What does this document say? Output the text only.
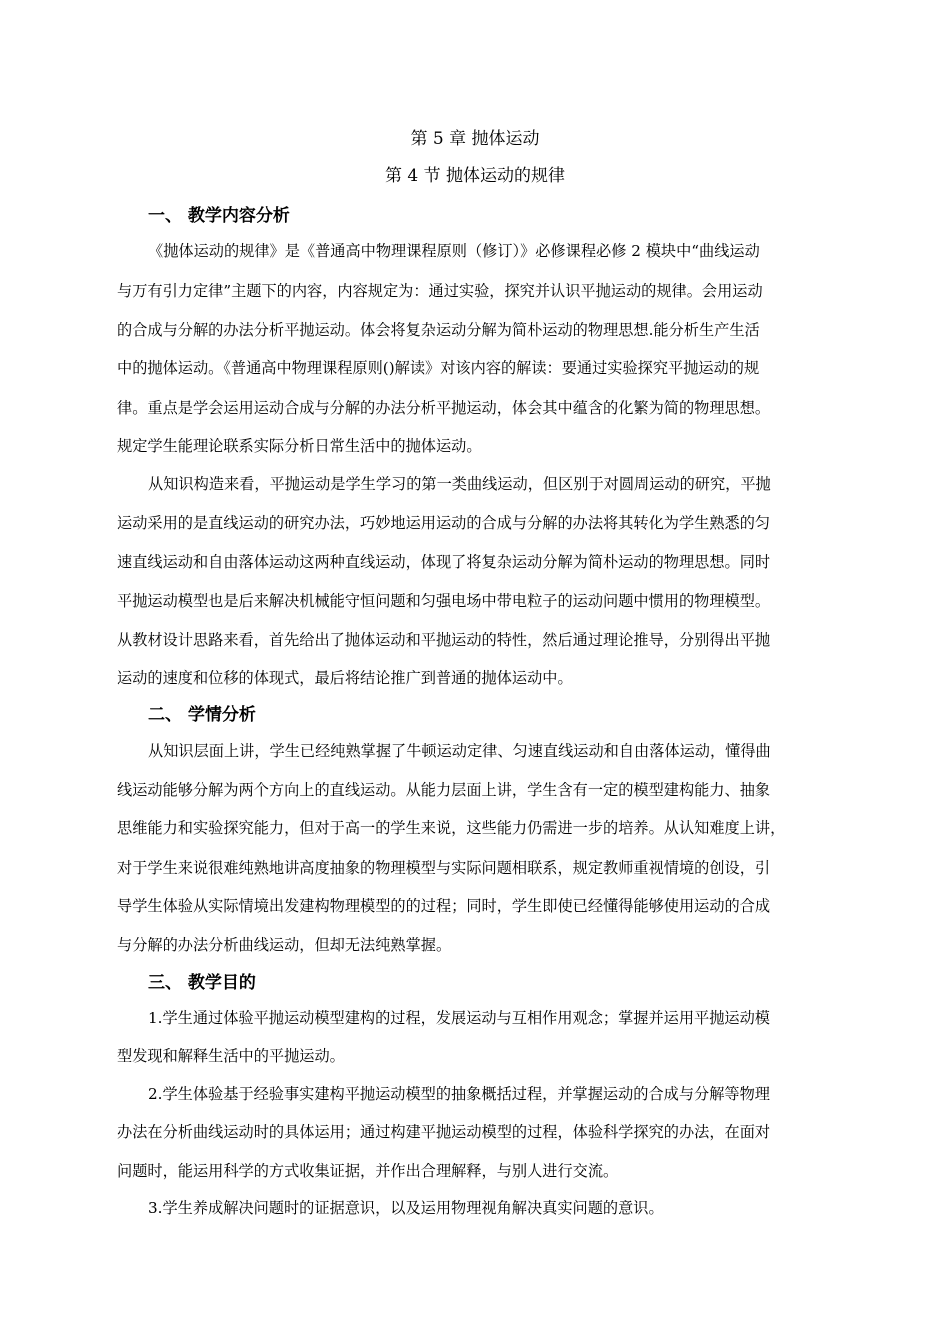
第 5 章 抛体运动
第 4 节 抛体运动的规律
一、 教学内容分析
《抛体运动的规律》是《普通高中物理课程原则（修订）》必修课程必修 2 模块中“曲线运动
与万有引力定律”主题下的内容，内容规定为：通过实验，探究并认识平抛运动的规律。会用运动
的合成与分解的办法分析平抛运动。体会将复杂运动分解为简朴运动的物理思想.能分析生产生活
中的抛体运动。《普通高中物理课程原则()解读》对该内容的解读：要通过实验探究平抛运动的规
律。重点是学会运用运动合成与分解的办法分析平抛运动，体会其中蕴含的化繁为简的物理思想。
规定学生能理论联系实际分析日常生活中的抛体运动。
从知识构造来看，平抛运动是学生学习的第一类曲线运动，但区别于对圆周运动的研究，平抛
运动采用的是直线运动的研究办法，巧妙地运用运动的合成与分解的办法将其转化为学生熟悉的匀
速直线运动和自由落体运动这两种直线运动，体现了将复杂运动分解为简朴运动的物理思想。同时
平抛运动模型也是后来解决机械能守恒问题和匀强电场中带电粒子的运动问题中惯用的物理模型。
从教材设计思路来看，首先给出了抛体运动和平抛运动的特性，然后通过理论推导，分别得出平抛
运动的速度和位移的体现式，最后将结论推广到普通的抛体运动中。
二、 学情分析
从知识层面上讲，学生已经纯熟掌握了牛顿运动定律、匀速直线运动和自由落体运动，懂得曲
线运动能够分解为两个方向上的直线运动。从能力层面上讲，学生含有一定的模型建构能力、抽象
思维能力和实验探究能力，但对于高一的学生来说，这些能力仍需进一步的培养。从认知难度上讲，
对于学生来说很难纯熟地讲高度抽象的物理模型与实际问题相联系，规定教师重视情境的创设，引
导学生体验从实际情境出发建构物理模型的的过程；同时，学生即使已经懂得能够使用运动的合成
与分解的办法分析曲线运动，但却无法纯熟掌握。
三、 教学目的
1.学生通过体验平抛运动模型建构的过程，发展运动与互相作用观念；掌握并运用平抛运动模
型发现和解释生活中的平抛运动。
2.学生体验基于经验事实建构平抛运动模型的抽象概括过程，并掌握运动的合成与分解等物理
办法在分析曲线运动时的具体运用；通过构建平抛运动模型的过程，体验科学探究的办法，在面对
问题时，能运用科学的方式收集证据，并作出合理解释，与别人进行交流。
3.学生养成解决问题时的证据意识，以及运用物理视角解决真实问题的意识。
